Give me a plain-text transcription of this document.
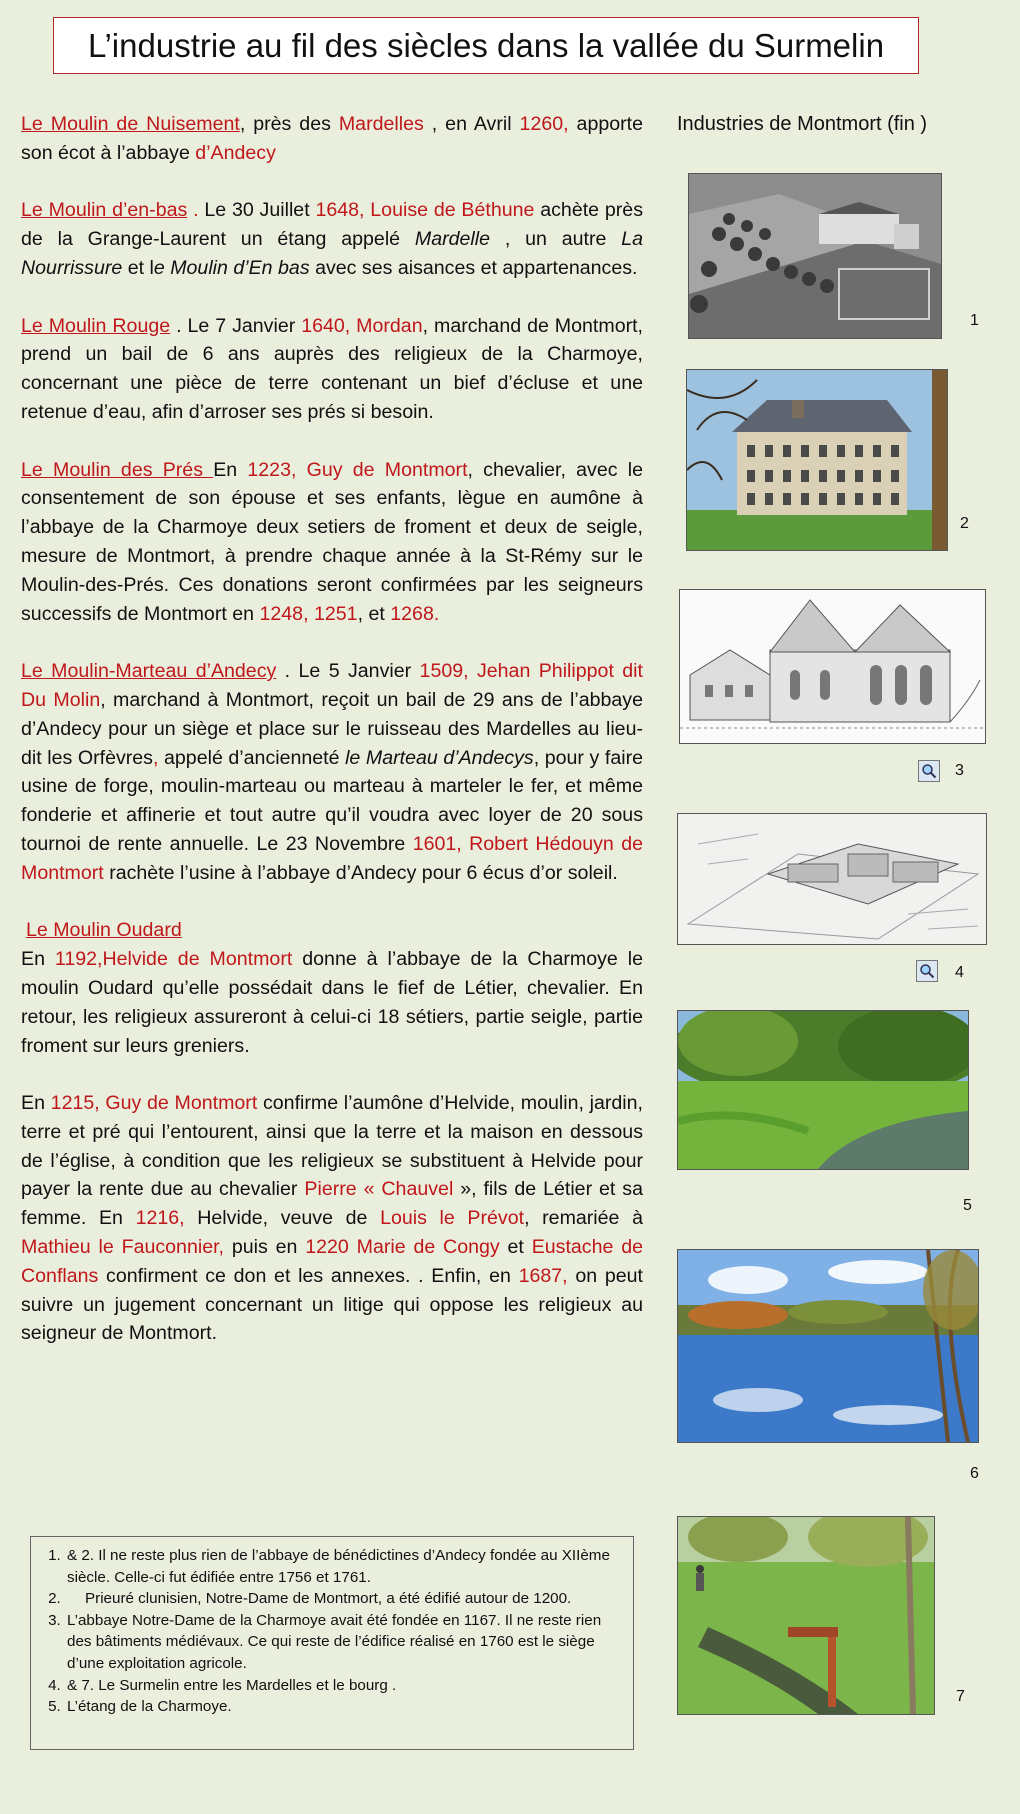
L’industrie au fil des siècles dans la vallée du Surmelin

Le Moulin de Nuisement, près des Mardelles , en Avril 1260, apporte son écot à l’abbaye d’Andecy

Le Moulin d’en-bas . Le 30 Juillet 1648, Louise de Béthune achète près de la Grange-Laurent un étang appelé Mardelle , un autre La Nourrissure et le Moulin d’En bas avec ses aisances et appartenances.

Le Moulin Rouge . Le 7 Janvier 1640, Mordan, marchand de Montmort, prend un bail de 6 ans auprès des religieux de la Charmoye, concernant une pièce de terre contenant un bief d’écluse et une retenue d’eau, afin d’arroser ses prés si besoin.

Le Moulin des Prés En 1223, Guy de Montmort, chevalier, avec le consentement de son épouse et ses enfants, lègue en aumône à l’abbaye de la Charmoye deux setiers de froment et deux de seigle, mesure de Montmort, à prendre chaque année à la St-Rémy sur le Moulin-des-Prés. Ces donations seront confirmées par les seigneurs successifs de Montmort en 1248, 1251, et 1268.

Le Moulin-Marteau d’Andecy . Le 5 Janvier 1509, Jehan Philippot dit Du Molin, marchand à Montmort, reçoit un bail de 29 ans de l’abbaye d’Andecy pour un siège et place sur le ruisseau des Mardelles au lieu-dit les Orfèvres, appelé d’ancienneté le Marteau d’Andecys, pour y faire usine de forge, moulin-marteau ou marteau à marteler le fer, et même fonderie et affinerie et tout autre qu’il voudra avec loyer de 20 sous tournoi de rente annuelle. Le 23 Novembre 1601, Robert Hédouyn de Montmort rachète l’usine à l’abbaye d’Andecy pour 6 écus d’or soleil.

Le Moulin Oudard
En 1192,Helvide de Montmort donne à l’abbaye de la Charmoye le moulin Oudard qu’elle possédait dans le fief de Létier, chevalier. En retour, les religieux assureront à celui-ci 18 sétiers, partie seigle, partie froment sur leurs greniers.

En 1215, Guy de Montmort confirme l’aumône d’Helvide, moulin, jardin, terre et pré qui l’entourent, ainsi que la terre et la maison en dessous de l’église, à condition que les religieux se substituent à Helvide pour payer la rente due au chevalier Pierre « Chauvel », fils de Létier et sa femme. En 1216, Helvide, veuve de Louis le Prévot, remariée à Mathieu le Fauconnier, puis en 1220 Marie de Congy et Eustache de Conflans confirment ce don et les annexes. . Enfin, en 1687, on peut suivre un jugement concernant un litige qui oppose les religieux au seigneur de Montmort.

Industries de Montmort (fin )
1
2
3
4
5
6
7
1. & 2. Il ne reste plus rien de l’abbaye de bénédictines d’Andecy fondée au XIIème siècle. Celle-ci fut édifiée entre 1756 et 1761.
2. Prieuré clunisien, Notre-Dame de Montmort, a été édifié autour de 1200.
3. L’abbaye Notre-Dame de la Charmoye avait été fondée en 1167. Il ne reste rien des bâtiments médiévaux. Ce qui reste de l’édifice réalisé en 1760 est le siège d’une exploitation agricole.
4. & 7. Le Surmelin entre les Mardelles et le bourg .
5. L’étang de la Charmoye.
